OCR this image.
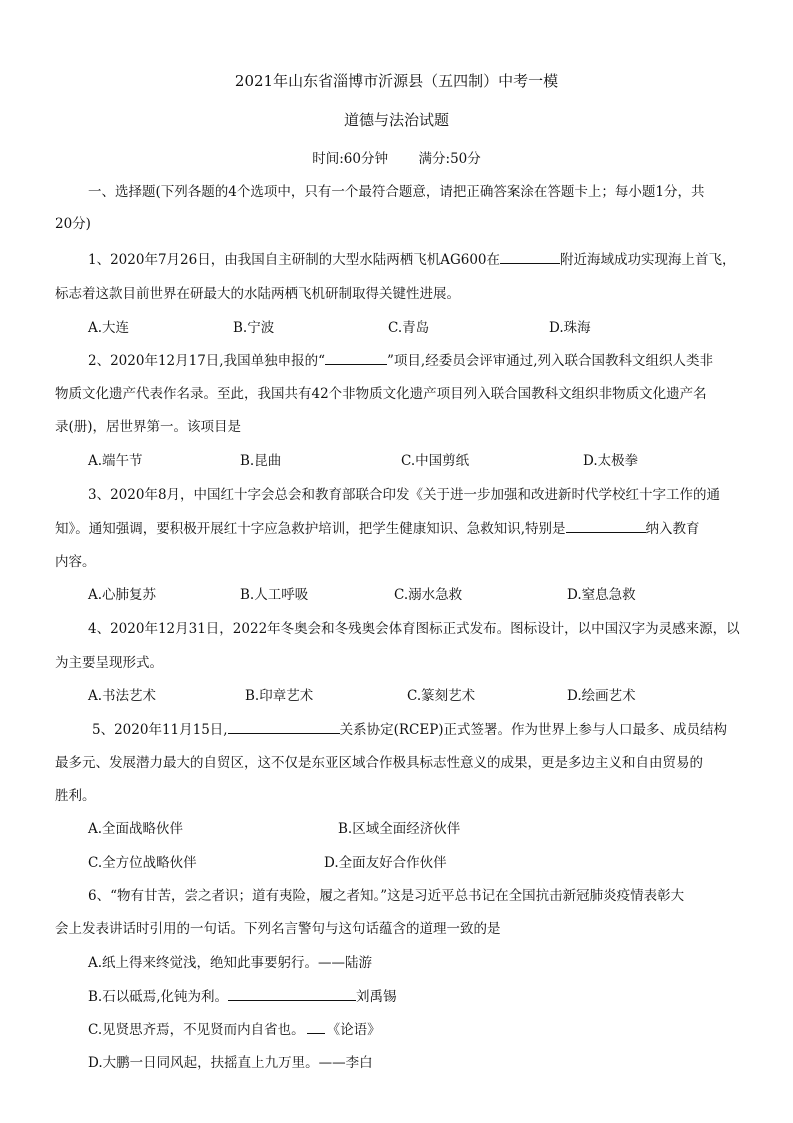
2021年山东省淄博市沂源县（五四制）中考一模
道德与法治试题
时间:60分钟 满分:50分
一、选择题(下列各题的4个选项中，只有一个最符合题意，请把正确答案涂在答题卡上；每小题1分，共
20分)
1、2020年7月26日，由我国自主研制的大型水陆两栖飞机AG600在	附近海域成功实现海上首飞，
标志着这款目前世界在研最大的水陆两栖飞机研制取得关键性进展。
A.大连	B.宁波	C.青岛	D.珠海
2、2020年12月17日,我国单独申报的“	”项目,经委员会评审通过,列入联合国教科文组织人类非
物质文化遗产代表作名录。至此，我国共有42个非物质文化遗产项目列入联合国教科文组织非物质文化遗产名
录(册)，居世界第一。该项目是
A.端午节	B.昆曲	C.中国剪纸	D.太极拳
3、2020年8月，中国红十字会总会和教育部联合印发《关于进一步加强和改进新时代学校红十字工作的通
知》。通知强调，要积极开展红十字应急救护培训，把学生健康知识、急救知识,特别是	纳入教育
内容。
A.心肺复苏	B.人工呼吸	C.溺水急救	D.窒息急救
4、2020年12月31日，2022年冬奥会和冬残奥会体育图标正式发布。图标设计，以中国汉字为灵感来源，以
为主要呈现形式。
A.书法艺术	B.印章艺术	C.篆刻艺术	D.绘画艺术
5、2020年11月15日,	关系协定(RCEP)正式签署。作为世界上参与人口最多、成员结构
最多元、发展潜力最大的自贸区，这不仅是东亚区域合作极具标志性意义的成果，更是多边主义和自由贸易的
胜利。
A.全面战略伙伴	B.区域全面经济伙伴
C.全方位战略伙伴	D.全面友好合作伙伴
6、“物有甘苦，尝之者识；道有夷险，履之者知。”这是习近平总书记在全国抗击新冠肺炎疫情表彰大
会上发表讲话时引用的一句话。下列名言警句与这句话蕴含的道理一致的是
A.纸上得来终觉浅，绝知此事要躬行。——陆游
B.石以砥焉,化钝为利。	刘禹锡
C.见贤思齐焉，不见贤而内自省也。 《论语》
D.大鹏一日同风起，扶摇直上九万里。——李白
